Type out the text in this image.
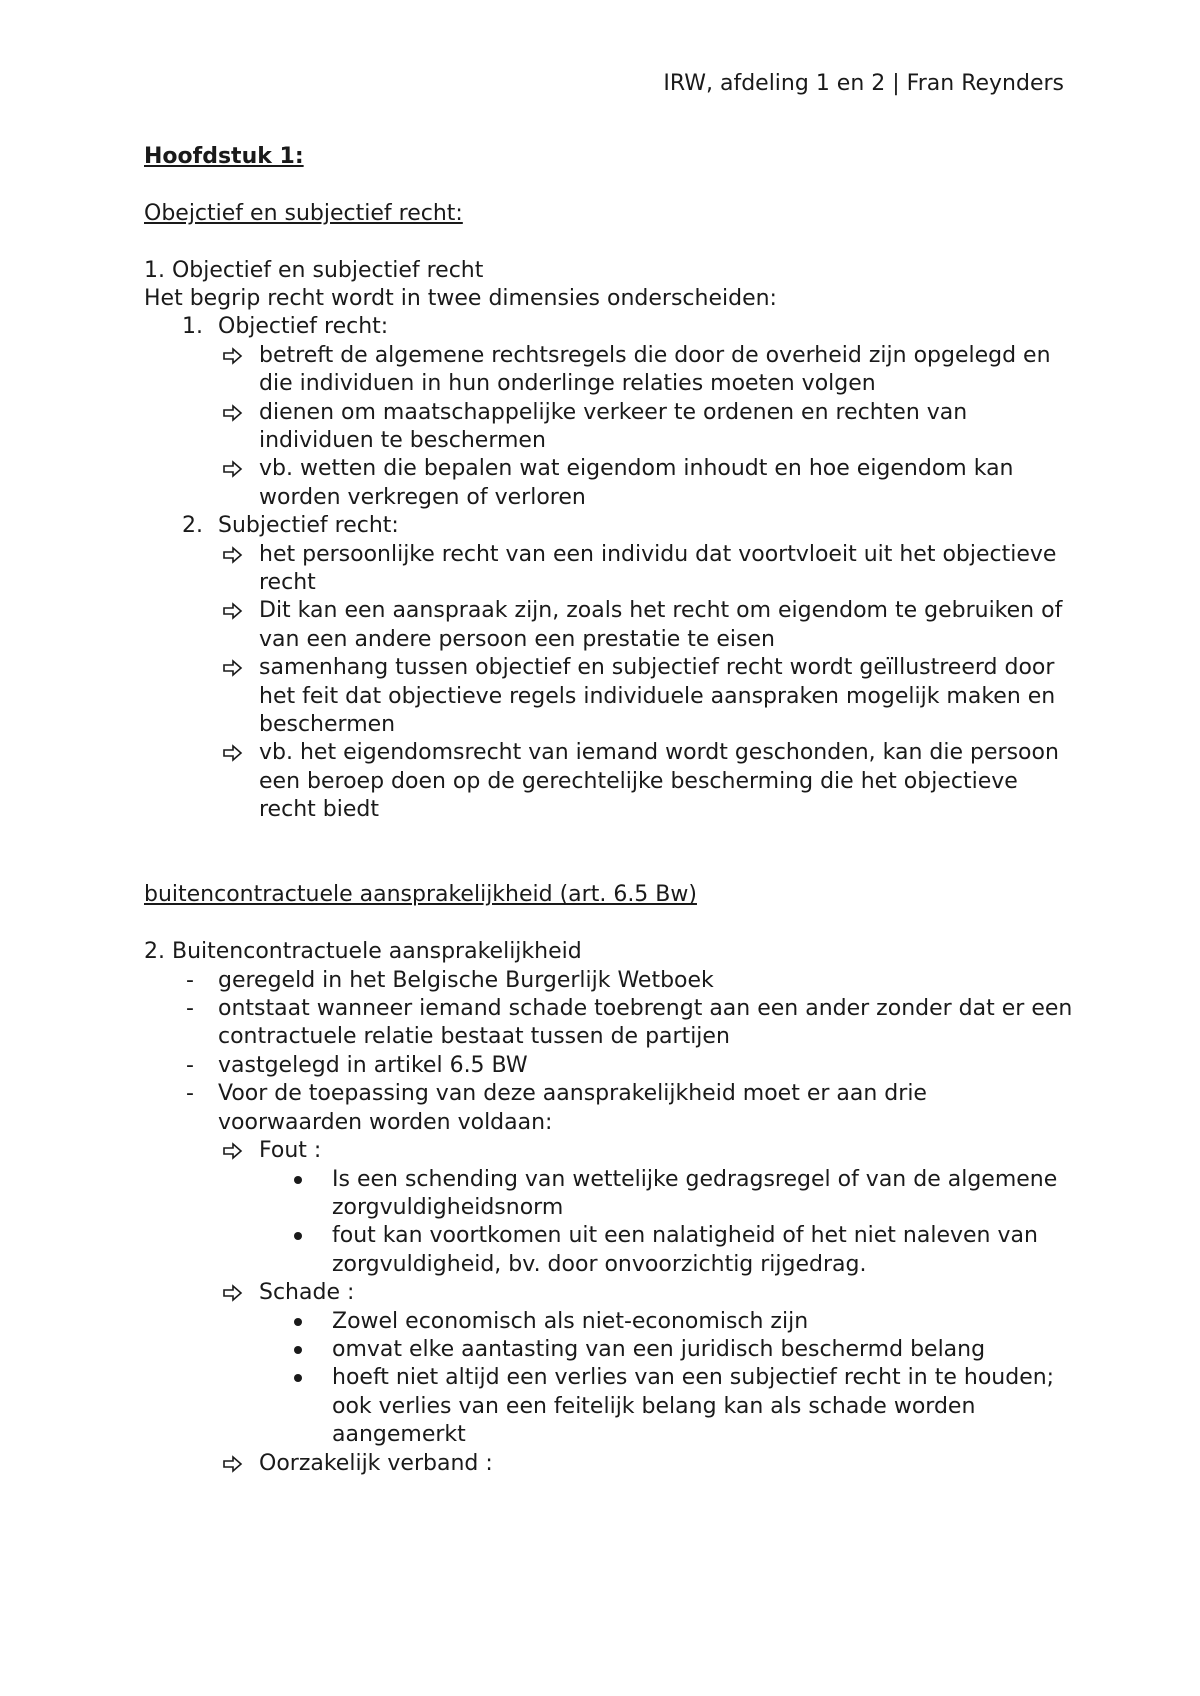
IRW, afdeling 1 en 2 | Fran Reynders

Hoofdstuk 1:

Obejctief en subjectief recht:

1. Objectief en subjectief recht

Het begrip recht wordt in twee dimensies onderscheiden:

1. Objectief recht:
betreft de algemene rechtsregels die door de overheid zijn opgelegd en die individuen in hun onderlinge relaties moeten volgen
dienen om maatschappelijke verkeer te ordenen en rechten van individuen te beschermen
vb. wetten die bepalen wat eigendom inhoudt en hoe eigendom kan worden verkregen of verloren
2. Subjectief recht:
het persoonlijke recht van een individu dat voortvloeit uit het objectieve recht
Dit kan een aanspraak zijn, zoals het recht om eigendom te gebruiken of van een andere persoon een prestatie te eisen
samenhang tussen objectief en subjectief recht wordt geïllustreerd door het feit dat objectieve regels individuele aanspraken mogelijk maken en beschermen
vb. het eigendomsrecht van iemand wordt geschonden, kan die persoon een beroep doen op de gerechtelijke bescherming die het objectieve recht biedt

buitencontractuele aansprakelijkheid (art. 6.5 Bw)

2. Buitencontractuele aansprakelijkheid

- geregeld in het Belgische Burgerlijk Wetboek
- ontstaat wanneer iemand schade toebrengt aan een ander zonder dat er een contractuele relatie bestaat tussen de partijen
- vastgelegd in artikel 6.5 BW
- Voor de toepassing van deze aansprakelijkheid moet er aan drie voorwaarden worden voldaan:
Fout :
Is een schending van wettelijke gedragsregel of van de algemene zorgvuldigheidsnorm
fout kan voortkomen uit een nalatigheid of het niet naleven van zorgvuldigheid, bv. door onvoorzichtig rijgedrag.
Schade :
Zowel economisch als niet-economisch zijn
omvat elke aantasting van een juridisch beschermd belang
hoeft niet altijd een verlies van een subjectief recht in te houden; ook verlies van een feitelijk belang kan als schade worden aangemerkt
Oorzakelijk verband :
